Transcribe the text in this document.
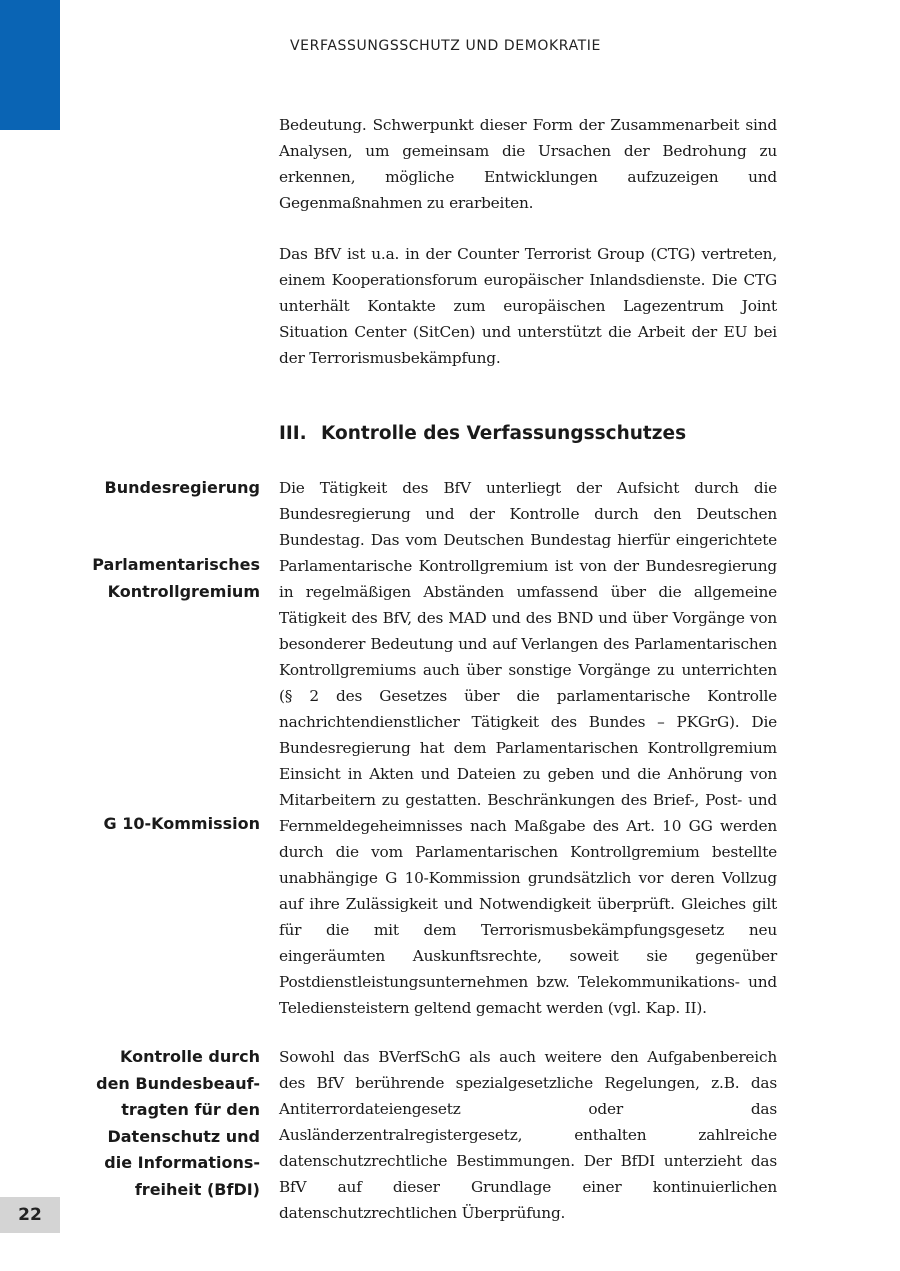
22
VERFASSUNGSSCHUTZ UND DEMOKRATIE

Bedeutung. Schwerpunkt dieser Form der Zusammenarbeit sind Analysen, um gemeinsam die Ursachen der Bedrohung zu erkennen, mögliche Entwicklungen aufzuzeigen und Gegenmaßnahmen zu erarbeiten.

Das BfV ist u.a. in der Counter Terrorist Group (CTG) vertreten, einem Kooperationsforum europäischer Inlandsdienste. Die CTG unterhält Kontakte zum europäischen Lagezentrum Joint Situation Center (SitCen) und unterstützt die Arbeit der EU bei der Terrorismusbekämpfung.

III. Kontrolle des Verfassungsschutzes

Die Tätigkeit des BfV unterliegt der Aufsicht durch die Bundesregierung und der Kontrolle durch den Deutschen Bundestag. Das vom Deutschen Bundestag hierfür eingerichtete Parlamentarische Kontrollgremium ist von der Bundesregierung in regelmäßigen Abständen umfassend über die allgemeine Tätigkeit des BfV, des MAD und des BND und über Vorgänge von besonderer Bedeutung und auf Verlangen des Parlamentarischen Kontrollgremiums auch über sonstige Vorgänge zu unterrichten (§ 2 des Gesetzes über die parlamentarische Kontrolle nachrichtendienstlicher Tätigkeit des Bundes – PKGrG). Die Bundesregierung hat dem Parlamentarischen Kontrollgremium Einsicht in Akten und Dateien zu geben und die Anhörung von Mitarbeitern zu gestatten. Beschränkungen des Brief-, Post- und Fernmeldegeheimnisses nach Maßgabe des Art. 10 GG werden durch die vom Parlamentarischen Kontrollgremium bestellte unabhängige G 10-Kommission grundsätzlich vor deren Vollzug auf ihre Zulässigkeit und Notwendigkeit überprüft. Gleiches gilt für die mit dem Terrorismusbekämpfungsgesetz neu eingeräumten Auskunftsrechte, soweit sie gegenüber Postdienstleistungsunternehmen bzw. Telekommunikations- und Telediensteistern geltend gemacht werden (vgl. Kap. II).

Sowohl das BVerfSchG als auch weitere den Aufgabenbereich des BfV berührende spezialgesetzliche Regelungen, z.B. das Antiterrordateiengesetz oder das Ausländerzentralregistergesetz, enthalten zahlreiche datenschutzrechtliche Bestimmungen. Der BfDI unterzieht das BfV auf dieser Grundlage einer kontinuierlichen datenschutzrechtlichen Überprüfung.

Bundesregierung
Parlamentarisches
Kontrollgremium
G 10-Kommission
Kontrolle durch
den Bundesbeauf-
tragten für den
Datenschutz und
die Informations-
freiheit (BfDI)
